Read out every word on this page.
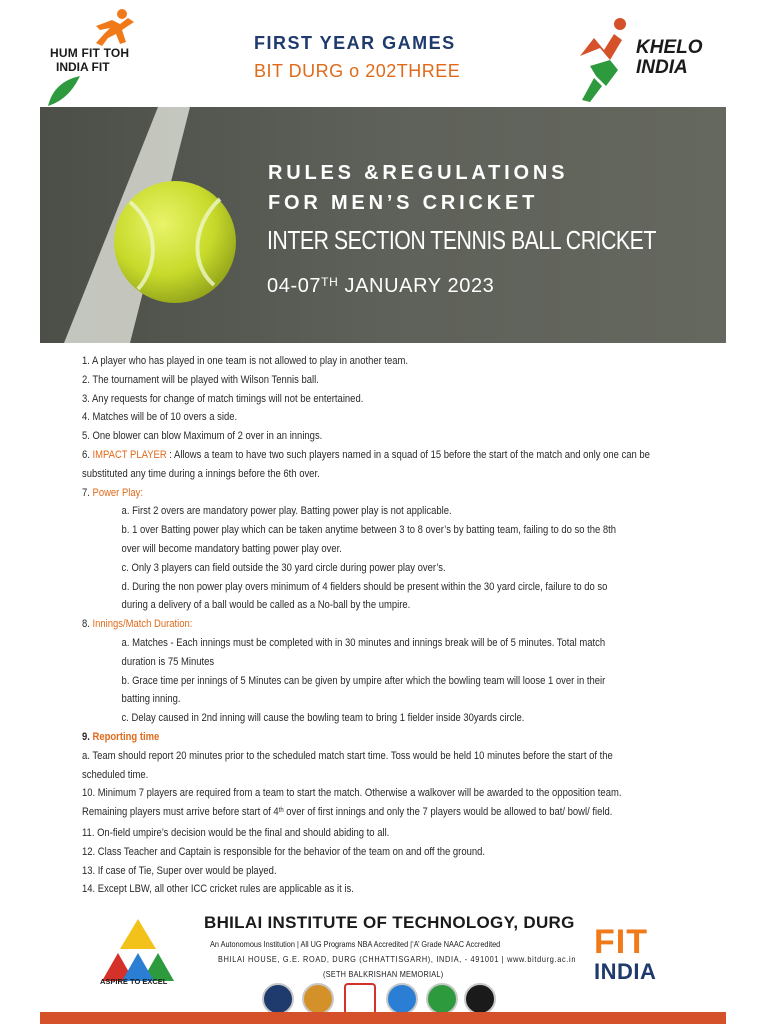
HUM FIT TOH
INDIA FIT
FIRST YEAR GAMES
BIT DURG o 202THREE
KHELO
INDIA
RULES &REGULATIONS
FOR MEN’S CRICKET
INTER SECTION TENNIS BALL CRICKET
04-07TH JANUARY 2023
1. A player who has played in one team is not allowed to play in another team.
2. The tournament will be played with Wilson Tennis ball.
3. Any requests for change of match timings will not be entertained.
4. Matches will be of 10 overs a side.
5. One blower can blow Maximum of 2 over in an innings.
6. IMPACT PLAYER : Allows a team to have two such players named in a squad of 15 before the start of the match and only one can be
substituted any time during a innings before the 6th over.
7. Power Play:
a. First 2 overs are mandatory power play. Batting power play is not applicable.
b. 1 over Batting power play which can be taken anytime between 3 to 8 over’s by batting team, failing to do so the 8th
over will become mandatory batting power play over.
c. Only 3 players can field outside the 30 yard circle during power play over’s.
d. During the non power play overs minimum of 4 fielders should be present within the 30 yard circle, failure to do so
during a delivery of a ball would be called as a No-ball by the umpire.
8. Innings/Match Duration:
a. Matches - Each innings must be completed with in 30 minutes and innings break will be of 5 minutes. Total match
duration is 75 Minutes
b. Grace time per innings of 5 Minutes can be given by umpire after which the bowling team will loose 1 over in their
batting inning.
c. Delay caused in 2nd inning will cause the bowling team to bring 1 fielder inside 30yards circle.
9. Reporting time
a. Team should report 20 minutes prior to the scheduled match start time. Toss would be held 10 minutes before the start of the
scheduled time.
10. Minimum 7 players are required from a team to start the match. Otherwise a walkover will be awarded to the opposition team.
Remaining players must arrive before start of 4th over of first innings and only the 7 players would be allowed to bat/ bowl/ field.
11. On-field umpire’s decision would be the final and should abiding to all.
12. Class Teacher and Captain is responsible for the behavior of the team on and off the ground.
13. If case of Tie, Super over would be played.
14. Except LBW, all other ICC cricket rules are applicable as it is.
ASPIRE TO EXCEL
BHILAI INSTITUTE OF TECHNOLOGY, DURG
An Autonomous Institution | All UG Programs NBA Accredited |‘A’ Grade NAAC Accredited
BHILAI HOUSE, G.E. ROAD, DURG (CHHATTISGARH), INDIA, - 491001 | www.bitdurg.ac.in
(SETH BALKRISHAN MEMORIAL)
FIT
INDIA
